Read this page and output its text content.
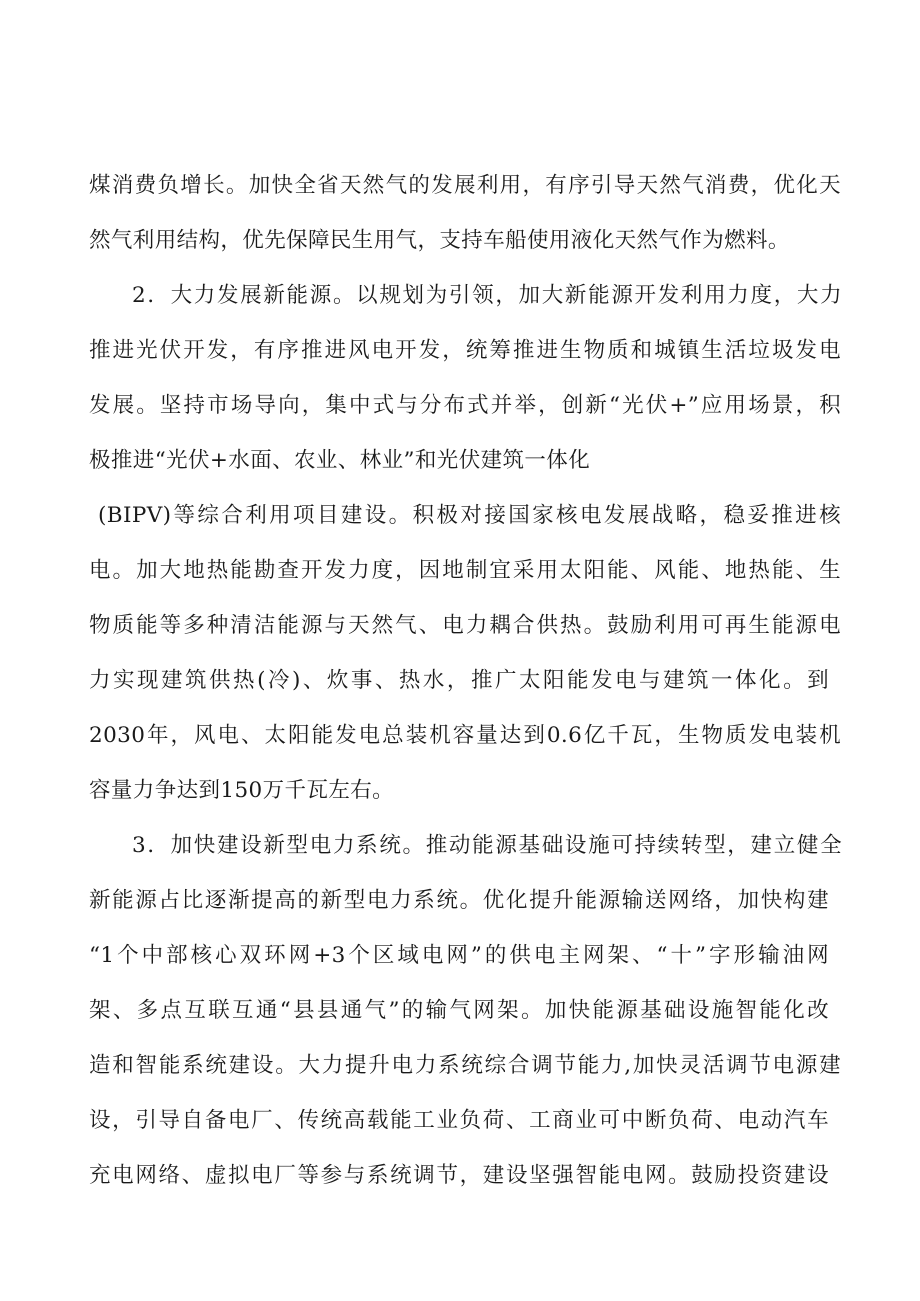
煤消费负增长。加快全省天然气的发展利用，有序引导天然气消费，优化天
然气利用结构，优先保障民生用气，支持车船使用液化天然气作为燃料。
2．大力发展新能源。以规划为引领，加大新能源开发利用力度，大力
推进光伏开发，有序推进风电开发，统筹推进生物质和城镇生活垃圾发电
发展。坚持市场导向，集中式与分布式并举，创新“光伏+”应用场景，积
极推进“光伏+水面、农业、林业”和光伏建筑一体化
(BIPV)等综合利用项目建设。积极对接国家核电发展战略，稳妥推进核
电。加大地热能勘查开发力度，因地制宜采用太阳能、风能、地热能、生
物质能等多种清洁能源与天然气、电力耦合供热。鼓励利用可再生能源电
力实现建筑供热(冷)、炊事、热水，推广太阳能发电与建筑一体化。到
2030年，风电、太阳能发电总装机容量达到0.6亿千瓦，生物质发电装机
容量力争达到150万千瓦左右。
3．加快建设新型电力系统。推动能源基础设施可持续转型，建立健全
新能源占比逐渐提高的新型电力系统。优化提升能源输送网络，加快构建
“1个中部核心双环网+3个区域电网”的供电主网架、“十”字形输油网
架、多点互联互通“县县通气”的输气网架。加快能源基础设施智能化改
造和智能系统建设。大力提升电力系统综合调节能力,加快灵活调节电源建
设，引导自备电厂、传统高载能工业负荷、工商业可中断负荷、电动汽车
充电网络、虚拟电厂等参与系统调节，建设坚强智能电网。鼓励投资建设
